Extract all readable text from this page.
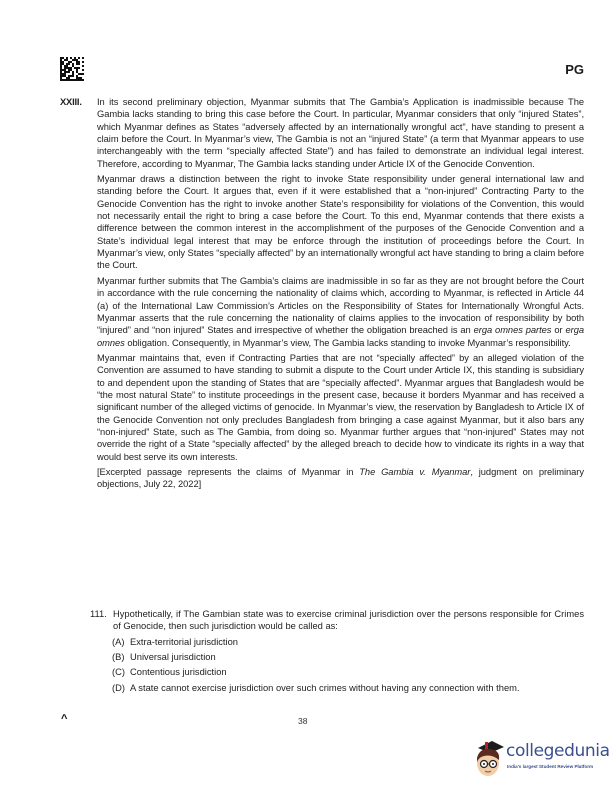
PG
XXIII. In its second preliminary objection, Myanmar submits that The Gambia’s Application is inadmissible because The Gambia lacks standing to bring this case before the Court. In particular, Myanmar considers that only “injured States”, which Myanmar defines as States “adversely affected by an internationally wrongful act”, have standing to present a claim before the Court. In Myanmar’s view, The Gambia is not an “injured State” (a term that Myanmar appears to use interchangeably with the term “specially affected State”) and has failed to demonstrate an individual legal interest. Therefore, according to Myanmar, The Gambia lacks standing under Article IX of the Genocide Convention.

Myanmar draws a distinction between the right to invoke State responsibility under general international law and standing before the Court. It argues that, even if it were established that a “non-injured” Contracting Party to the Genocide Convention has the right to invoke another State’s responsibility for violations of the Convention, this would not necessarily entail the right to bring a case before the Court. To this end, Myanmar contends that there exists a difference between the common interest in the accomplishment of the purposes of the Genocide Convention and a State’s individual legal interest that may be enforce through the institution of proceedings before the Court. In Myanmar’s view, only States “specially affected” by an internationally wrongful act have standing to bring a claim before the Court.

Myanmar further submits that The Gambia’s claims are inadmissible in so far as they are not brought before the Court in accordance with the rule concerning the nationality of claims which, according to Myanmar, is reflected in Article 44 (a) of the International Law Commission’s Articles on the Responsibility of States for Internationally Wrongful Acts. Myanmar asserts that the rule concerning the nationality of claims applies to the invocation of responsibility by both “injured” and “non injured” States and irrespective of whether the obligation breached is an erga omnes partes or erga omnes obligation. Consequently, in Myanmar’s view, The Gambia lacks standing to invoke Myanmar’s responsibility.

Myanmar maintains that, even if Contracting Parties that are not “specially affected” by an alleged violation of the Convention are assumed to have standing to submit a dispute to the Court under Article IX, this standing is subsidiary to and dependent upon the standing of States that are “specially affected”. Myanmar argues that Bangladesh would be “the most natural State” to institute proceedings in the present case, because it borders Myanmar and has received a significant number of the alleged victims of genocide. In Myanmar’s view, the reservation by Bangladesh to Article IX of the Genocide Convention not only precludes Bangladesh from bringing a case against Myanmar, but it also bars any “non-injured” State, such as The Gambia, from doing so. Myanmar further argues that “non-injured” States may not override the right of a State “specially affected” by the alleged breach to decide how to vindicate its rights in a way that would best serve its own interests.

[Excerpted passage represents the claims of Myanmar in The Gambia v. Myanmar, judgment on preliminary objections, July 22, 2022]

111. Hypothetically, if The Gambian state was to exercise criminal jurisdiction over the persons responsible for Crimes of Genocide, then such jurisdiction would be called as:
(A) Extra-territorial jurisdiction
(B) Universal jurisdiction
(C) Contentious jurisdiction
(D) A state cannot exercise jurisdiction over such crimes without having any connection with them.
^	38
collegedunia
India's largest Student Review Platform
